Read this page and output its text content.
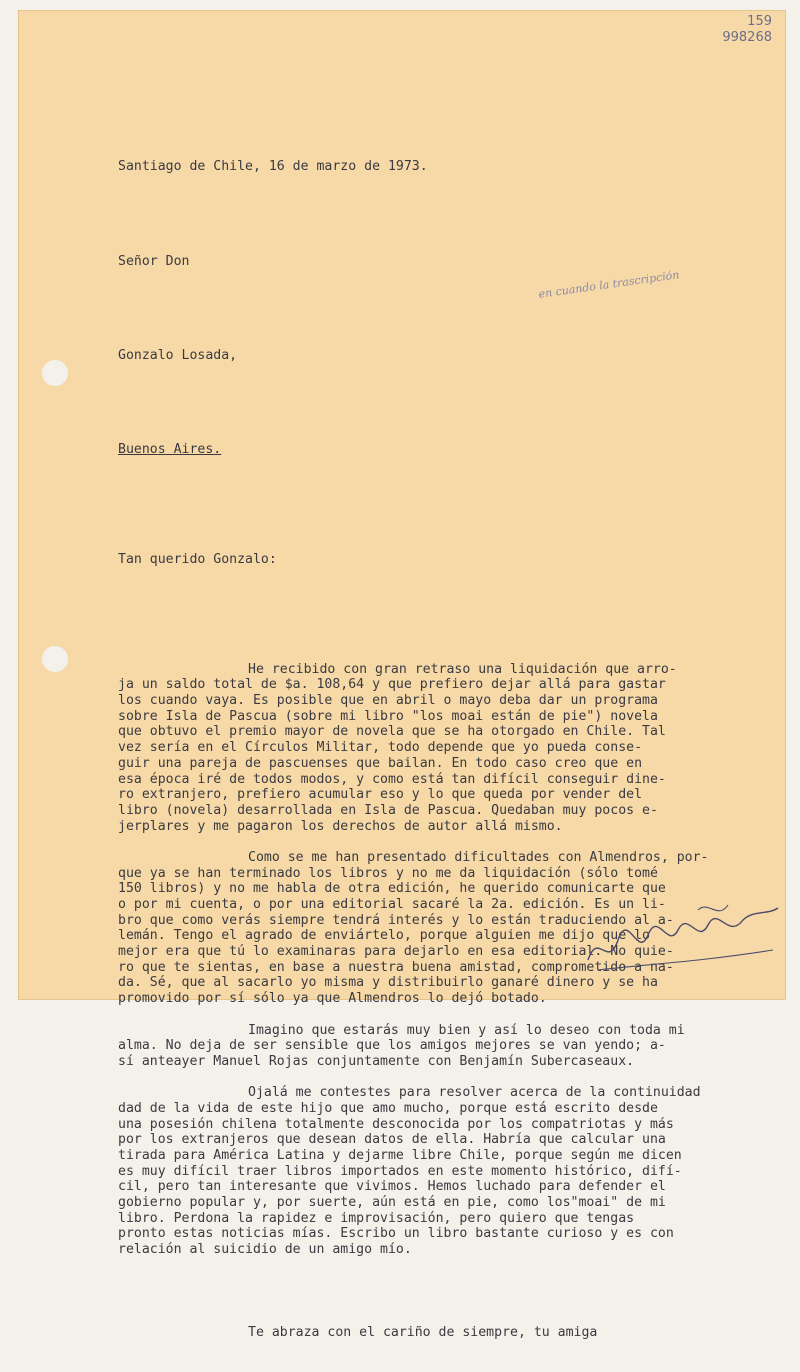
159
998268
en cuando la trascripción

Santiago de Chile, 16 de marzo de 1973.

Señor Don

Gonzalo Losada,

Buenos Aires.

Tan querido Gonzalo:

He recibido con gran retraso una liquidación que arro-
ja un saldo total de $a. 108,64 y que prefiero dejar allá para gastar
los cuando vaya. Es posible que en abril o mayo deba dar un programa
sobre Isla de Pascua (sobre mi libro "los moai están de pie") novela
que obtuvo el premio mayor de novela que se ha otorgado en Chile. Tal
vez sería en el Círculos Militar, todo depende que yo pueda conse-
guir una pareja de pascuenses que bailan. En todo caso creo que en
esa época iré de todos modos, y como está tan difícil conseguir dine-
ro extranjero, prefiero acumular eso y lo que queda por vender del
libro (novela) desarrollada en Isla de Pascua. Quedaban muy pocos e-
jerplares y me pagaron los derechos de autor allá mismo.
Como se me han presentado dificultades con Almendros, por-
que ya se han terminado los libros y no me da liquidación (sólo tomé
150 libros) y no me habla de otra edición, he querido comunicarte que
o por mi cuenta, o por una editorial sacaré la 2a. edición. Es un li-
bro que como verás siempre tendrá interés y lo están traduciendo al a-
lemán. Tengo el agrado de enviártelo, porque alguien me dijo que lo
mejor era que tú lo examinaras para dejarlo en esa editorial. No quie-
ro que te sientas, en base a nuestra buena amistad, comprometido a na-
da. Sé, que al sacarlo yo misma y distribuirlo ganaré dinero y se ha
promovido por sí sólo ya que Almendros lo dejó botado.
Imagino que estarás muy bien y así lo deseo con toda mi
alma. No deja de ser sensible que los amigos mejores se van yendo; a-
sí anteayer Manuel Rojas conjuntamente con Benjamín Subercaseaux.
Ojalá me contestes para resolver acerca de la continuidad
dad de la vida de este hijo que amo mucho, porque está escrito desde
una posesión chilena totalmente desconocida por los compatriotas y más
por los extranjeros que desean datos de ella. Habría que calcular una
tirada para América Latina y dejarme libre Chile, porque según me dicen
es muy difícil traer libros importados en este momento histórico, difí-
cil, pero tan interesante que vivimos. Hemos luchado para defender el
gobierno popular y, por suerte, aún está en pie, como los"moai" de mi
libro. Perdona la rapidez e improvisación, pero quiero que tengas
pronto estas noticias mías. Escribo un libro bastante curioso y es con
relación al suicidio de un amigo mío.

Te abraza con el cariño de siempre, tu amiga
